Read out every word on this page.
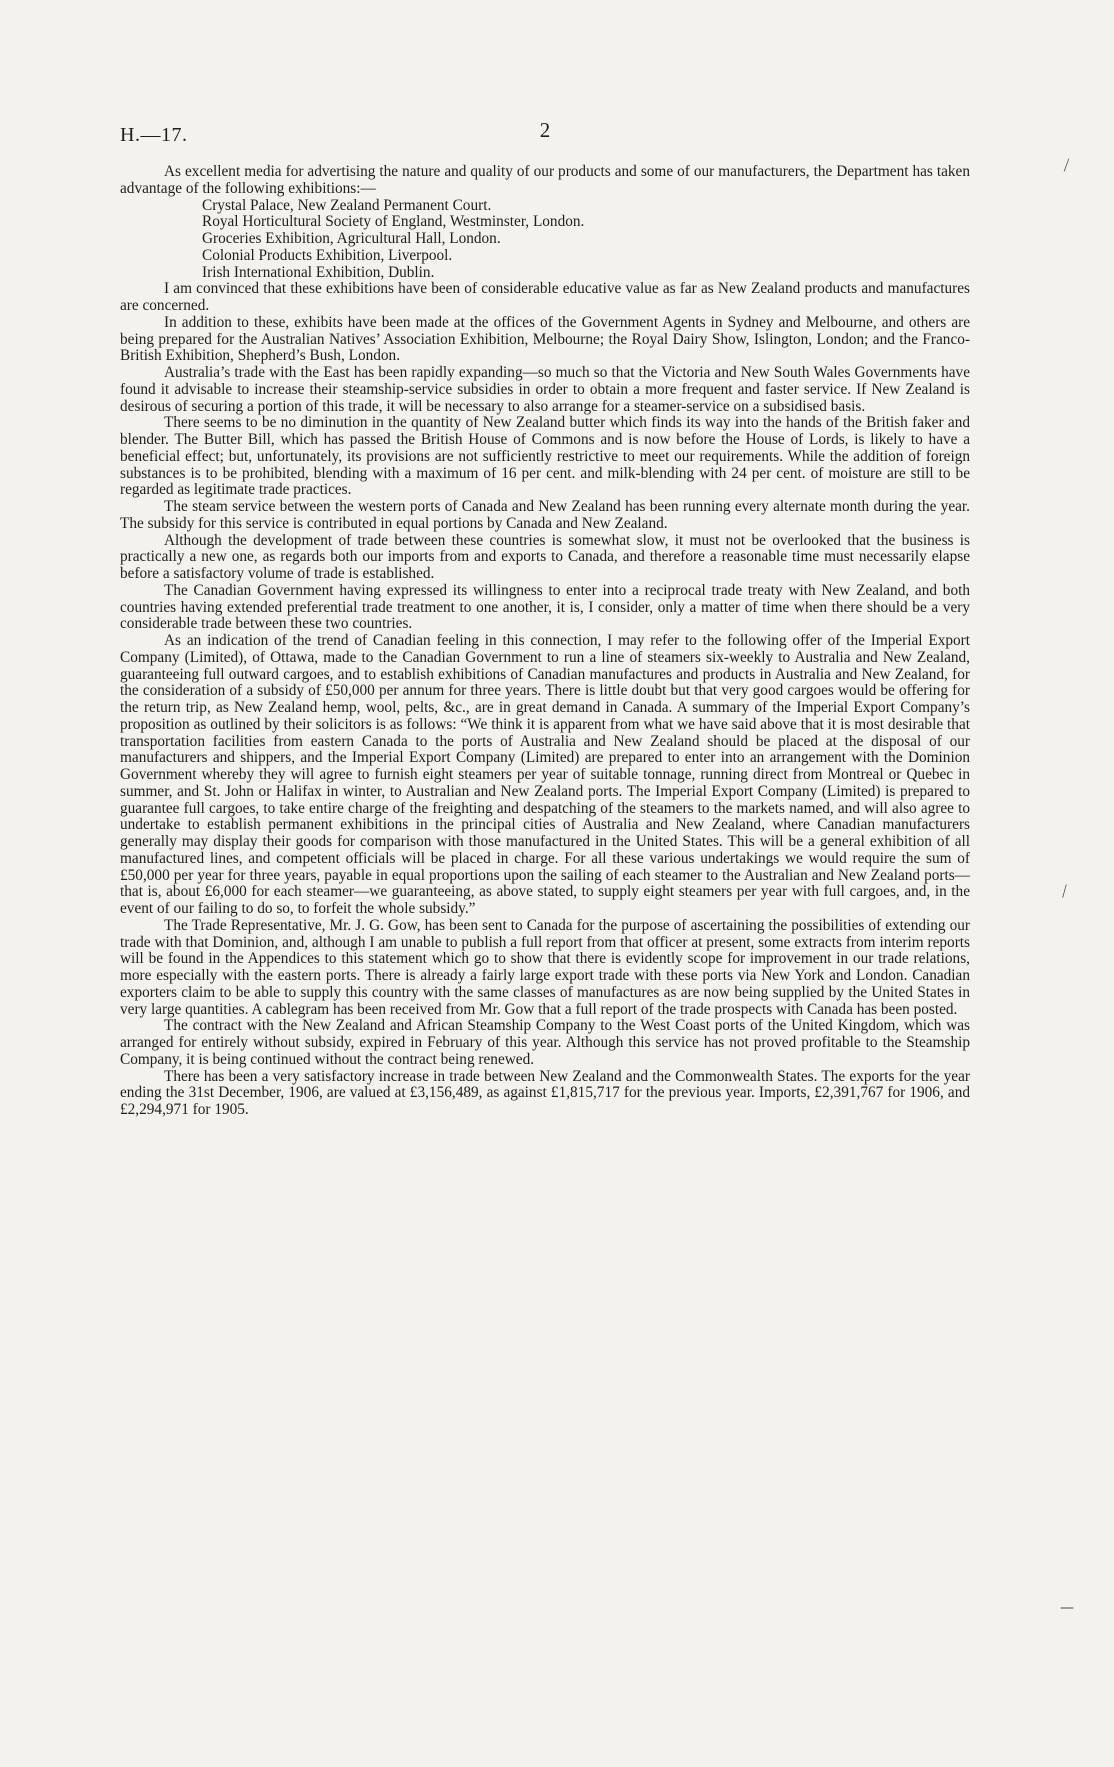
⟋
⟋
—
H.—17.	2

As excellent media for advertising the nature and quality of our products and some of our manufacturers, the Department has taken advantage of the following exhibitions:—

Crystal Palace, New Zealand Permanent Court.
Royal Horticultural Society of England, Westminster, London.
Groceries Exhibition, Agricultural Hall, London.
Colonial Products Exhibition, Liverpool.
Irish International Exhibition, Dublin.

I am convinced that these exhibitions have been of considerable educative value as far as New Zealand products and manufactures are concerned.

In addition to these, exhibits have been made at the offices of the Government Agents in Sydney and Melbourne, and others are being prepared for the Australian Natives’ Association Exhibition, Melbourne; the Royal Dairy Show, Islington, London; and the Franco-British Exhibition, Shepherd’s Bush, London.

Australia’s trade with the East has been rapidly expanding—so much so that the Victoria and New South Wales Governments have found it advisable to increase their steamship-service subsidies in order to obtain a more frequent and faster service. If New Zealand is desirous of securing a portion of this trade, it will be necessary to also arrange for a steamer-service on a subsidised basis.

There seems to be no diminution in the quantity of New Zealand butter which finds its way into the hands of the British faker and blender. The Butter Bill, which has passed the British House of Commons and is now before the House of Lords, is likely to have a beneficial effect; but, unfortunately, its provisions are not sufficiently restrictive to meet our requirements. While the addition of foreign substances is to be prohibited, blending with a maximum of 16 per cent. and milk-blending with 24 per cent. of moisture are still to be regarded as legitimate trade practices.

The steam service between the western ports of Canada and New Zealand has been running every alternate month during the year. The subsidy for this service is contributed in equal portions by Canada and New Zealand.

Although the development of trade between these countries is somewhat slow, it must not be overlooked that the business is practically a new one, as regards both our imports from and exports to Canada, and therefore a reasonable time must necessarily elapse before a satisfactory volume of trade is established.

The Canadian Government having expressed its willingness to enter into a reciprocal trade treaty with New Zealand, and both countries having extended preferential trade treatment to one another, it is, I consider, only a matter of time when there should be a very considerable trade between these two countries.

As an indication of the trend of Canadian feeling in this connection, I may refer to the following offer of the Imperial Export Company (Limited), of Ottawa, made to the Canadian Government to run a line of steamers six-weekly to Australia and New Zealand, guaranteeing full outward cargoes, and to establish exhibitions of Canadian manufactures and products in Australia and New Zealand, for the consideration of a subsidy of £50,000 per annum for three years. There is little doubt but that very good cargoes would be offering for the return trip, as New Zealand hemp, wool, pelts, &c., are in great demand in Canada. A summary of the Imperial Export Company’s proposition as outlined by their solicitors is as follows: “We think it is apparent from what we have said above that it is most desirable that transportation facilities from eastern Canada to the ports of Australia and New Zealand should be placed at the disposal of our manufacturers and shippers, and the Imperial Export Company (Limited) are prepared to enter into an arrangement with the Dominion Government whereby they will agree to furnish eight steamers per year of suitable tonnage, running direct from Montreal or Quebec in summer, and St. John or Halifax in winter, to Australian and New Zealand ports. The Imperial Export Company (Limited) is prepared to guarantee full cargoes, to take entire charge of the freighting and despatching of the steamers to the markets named, and will also agree to undertake to establish permanent exhibitions in the principal cities of Australia and New Zealand, where Canadian manufacturers generally may display their goods for comparison with those manufactured in the United States. This will be a general exhibition of all manufactured lines, and competent officials will be placed in charge. For all these various undertakings we would require the sum of £50,000 per year for three years, payable in equal proportions upon the sailing of each steamer to the Australian and New Zealand ports—that is, about £6,000 for each steamer—we guaranteeing, as above stated, to supply eight steamers per year with full cargoes, and, in the event of our failing to do so, to forfeit the whole subsidy.”

The Trade Representative, Mr. J. G. Gow, has been sent to Canada for the purpose of ascertaining the possibilities of extending our trade with that Dominion, and, although I am unable to publish a full report from that officer at present, some extracts from interim reports will be found in the Appendices to this statement which go to show that there is evidently scope for improvement in our trade relations, more especially with the eastern ports. There is already a fairly large export trade with these ports via New York and London. Canadian exporters claim to be able to supply this country with the same classes of manufactures as are now being supplied by the United States in very large quantities. A cablegram has been received from Mr. Gow that a full report of the trade prospects with Canada has been posted.

The contract with the New Zealand and African Steamship Company to the West Coast ports of the United Kingdom, which was arranged for entirely without subsidy, expired in February of this year. Although this service has not proved profitable to the Steamship Company, it is being continued without the contract being renewed.

There has been a very satisfactory increase in trade between New Zealand and the Commonwealth States. The exports for the year ending the 31st December, 1906, are valued at £3,156,489, as against £1,815,717 for the previous year. Imports, £2,391,767 for 1906, and £2,294,971 for 1905.
